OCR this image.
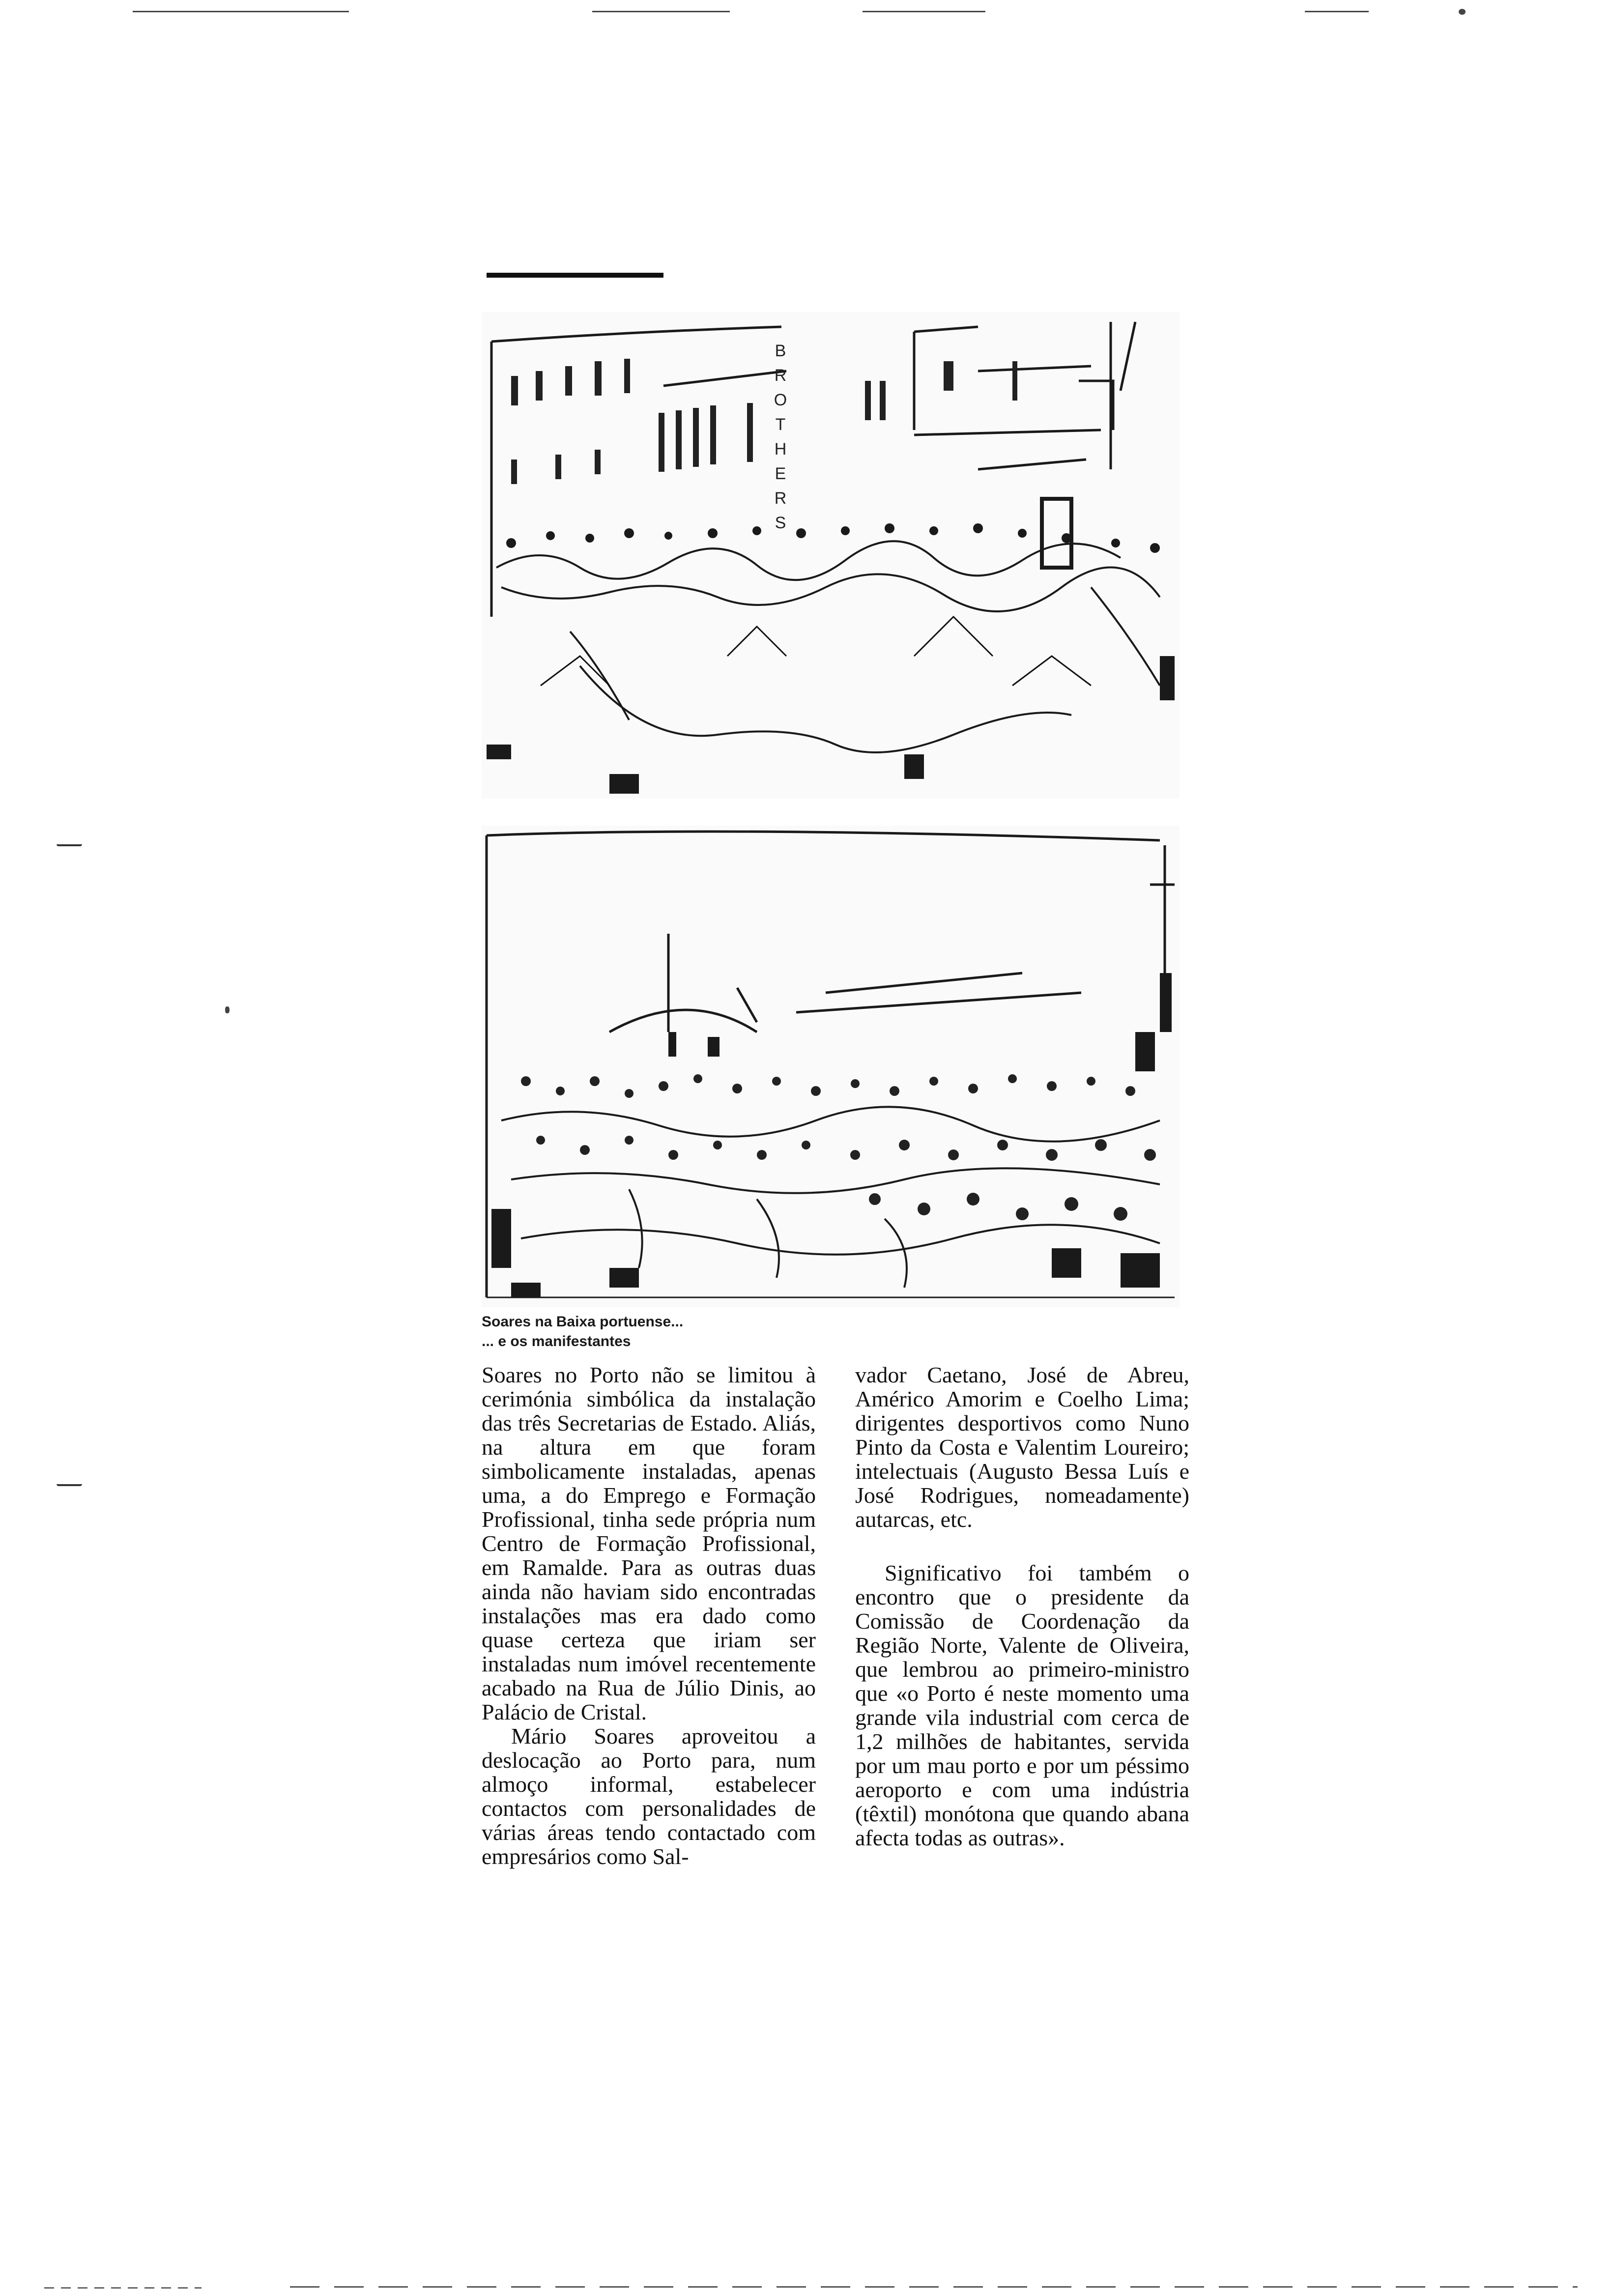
B
R
O
T
H
E
R
S
Soares na Baixa portuense...
... e os manifestantes

Soares no Porto não se limitou à cerimónia simbólica da instalação das três Secretarias de Estado. Aliás, na altura em que foram simbolicamente instaladas, apenas uma, a do Emprego e Formação Profissional, tinha sede própria num Centro de Formação Profissional, em Ramalde. Para as outras duas ainda não haviam sido encontradas instalações mas era dado como quase certeza que iriam ser instaladas num imóvel recentemente acabado na Rua de Júlio Dinis, ao Palácio de Cristal.

Mário Soares aproveitou a deslocação ao Porto para, num almoço informal, estabelecer contactos com personalidades de várias áreas tendo contactado com empresários como Sal-

vador Caetano, José de Abreu, Américo Amorim e Coelho Lima; dirigentes desportivos como Nuno Pinto da Costa e Valentim Loureiro; intelectuais (Augusto Bessa Luís e José Rodrigues, nomeadamente) autarcas, etc.

Significativo foi também o encontro que o presidente da Comissão de Coordenação da Região Norte, Valente de Oliveira, que lembrou ao primeiro-ministro que «o Porto é neste momento uma grande vila industrial com cerca de 1,2 milhões de habitantes, servida por um mau porto e por um péssimo aeroporto e com uma indústria (têxtil) monótona que quando abana afecta todas as outras».
